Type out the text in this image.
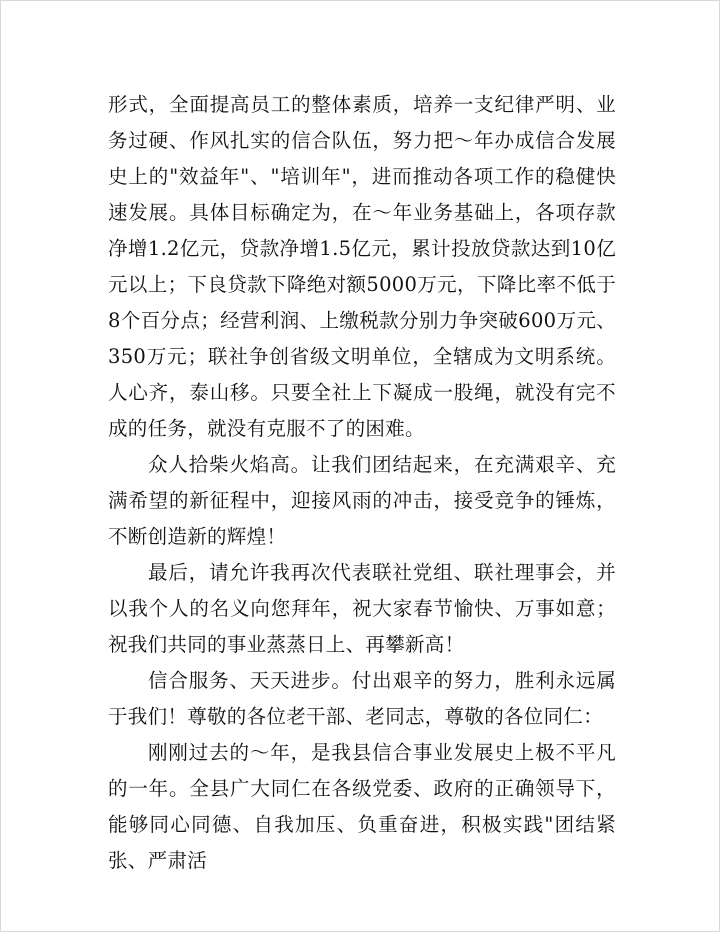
形式，全面提高员工的整体素质，培养一支纪律严明、业务过硬、作风扎实的信合队伍，努力把～年办成信合发展史上的"效益年"、"培训年"，进而推动各项工作的稳健快速发展。具体目标确定为，在～年业务基础上，各项存款净增1.2亿元，贷款净增1.5亿元，累计投放贷款达到10亿元以上；下良贷款下降绝对额5000万元，下降比率不低于8个百分点；经营利润、上缴税款分别力争突破600万元、350万元；联社争创省级文明单位，全辖成为文明系统。人心齐，泰山移。只要全社上下凝成一股绳，就没有完不成的任务，就没有克服不了的困难。

众人拾柴火焰高。让我们团结起来，在充满艰辛、充满希望的新征程中，迎接风雨的冲击，接受竞争的锤炼，不断创造新的辉煌！

最后，请允许我再次代表联社党组、联社理事会，并以我个人的名义向您拜年，祝大家春节愉快、万事如意；祝我们共同的事业蒸蒸日上、再攀新高！

信合服务、天天进步。付出艰辛的努力，胜利永远属于我们！尊敬的各位老干部、老同志，尊敬的各位同仁：

刚刚过去的～年，是我县信合事业发展史上极不平凡的一年。全县广大同仁在各级党委、政府的正确领导下，能够同心同德、自我加压、负重奋进，积极实践"团结紧张、严肃活
